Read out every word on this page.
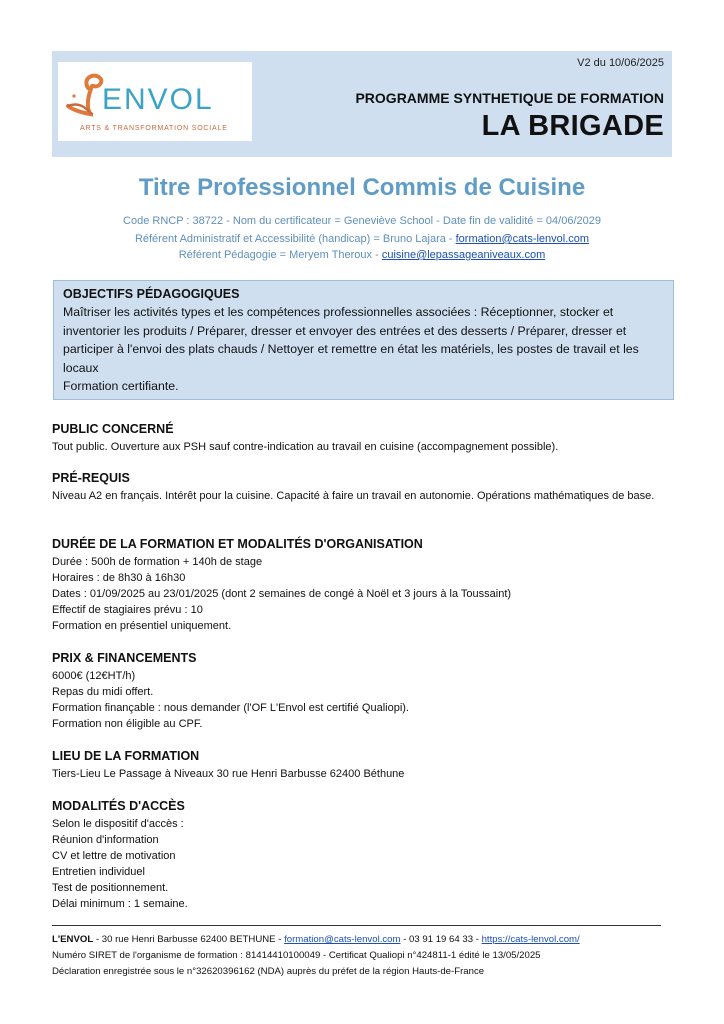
ENVOL
ARTS & TRANSFORMATION SOCIALE
V2 du 10/06/2025
PROGRAMME SYNTHETIQUE DE FORMATION
LA BRIGADE
Titre Professionnel Commis de Cuisine
Code RNCP : 38722 - Nom du certificateur = Geneviève School - Date fin de validité = 04/06/2029
Référent Administratif et Accessibilité (handicap) = Bruno Lajara - formation@cats-lenvol.com
Référent Pédagogie = Meryem Theroux - cuisine@lepassageaniveaux.com
OBJECTIFS PÉDAGOGIQUES

Maîtriser les activités types et les compétences professionnelles associées : Réceptionner, stocker et inventorier les produits / Préparer, dresser et envoyer des entrées et des desserts / Préparer, dresser et participer à l'envoi des plats chauds / Nettoyer et remettre en état les matériels, les postes de travail et les locaux

Formation certifiante.

PUBLIC CONCERNÉ
Tout public. Ouverture aux PSH sauf contre-indication au travail en cuisine (accompagnement possible).
PRÉ-REQUIS
Niveau A2 en français. Intérêt pour la cuisine. Capacité à faire un travail en autonomie. Opérations mathématiques de base.
DURÉE DE LA FORMATION ET MODALITÉS D'ORGANISATION
Durée : 500h de formation + 140h de stage
Horaires : de 8h30 à 16h30
Dates : 01/09/2025 au 23/01/2025 (dont 2 semaines de congé à Noël et 3 jours à la Toussaint)
Effectif de stagiaires prévu : 10
Formation en présentiel uniquement.
PRIX & FINANCEMENTS
6000€ (12€HT/h)
Repas du midi offert.
Formation finançable : nous demander (l'OF L'Envol est certifié Qualiopi).
Formation non éligible au CPF.
LIEU DE LA FORMATION
Tiers-Lieu Le Passage à Niveaux 30 rue Henri Barbusse 62400 Béthune
MODALITÉS D'ACCÈS
Selon le dispositif d'accès :
Réunion d'information
CV et lettre de motivation
Entretien individuel
Test de positionnement.
Délai minimum : 1 semaine.
L'ENVOL - 30 rue Henri Barbusse 62400 BETHUNE - formation@cats-lenvol.com - 03 91 19 64 33 - https://cats-lenvol.com/
Numéro SIRET de l'organisme de formation : 81414410100049 - Certificat Qualiopi n°424811-1 édité le 13/05/2025
Déclaration enregistrée sous le n°32620396162 (NDA) auprès du préfet de la région Hauts-de-France
